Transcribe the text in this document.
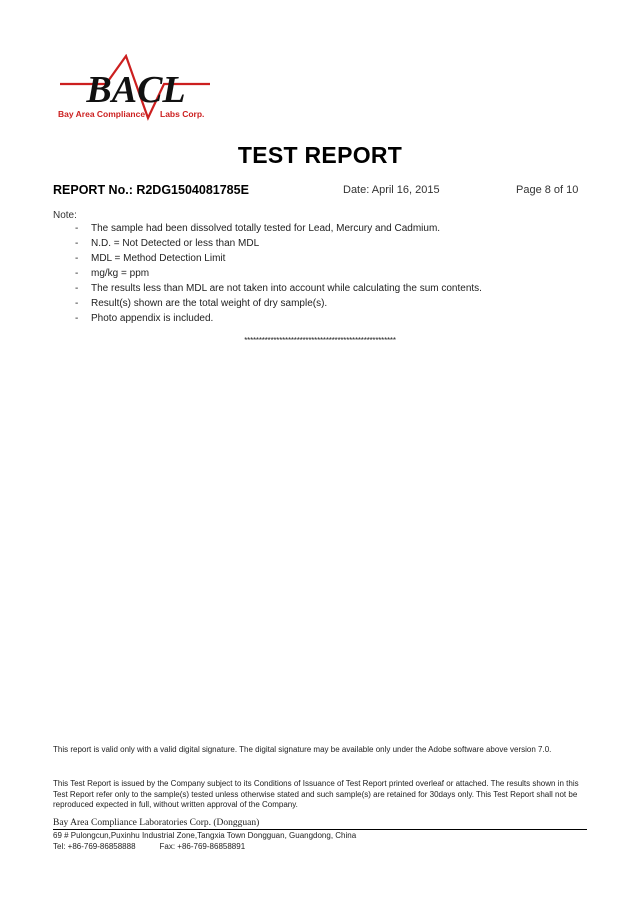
BACL
Bay Area Compliance Labs Corp.
TEST REPORT
REPORT No.: R2DG1504081785E	Date: April 16, 2015	Page 8 of 10
Note:
- The sample had been dissolved totally tested for Lead, Mercury and Cadmium.
- N.D. = Not Detected or less than MDL
- MDL = Method Detection Limit
- mg/kg = ppm
- The results less than MDL are not taken into account while calculating the sum contents.
- Result(s) shown are the total weight of dry sample(s).
- Photo appendix is included.
****************************************************
This report is valid only with a valid digital signature. The digital signature may be available only under the Adobe software above version 7.0.
This Test Report is issued by the Company subject to its Conditions of Issuance of Test Report printed overleaf or attached. The results shown in this Test Report refer only to the sample(s) tested unless otherwise stated and such sample(s) are retained for 30days only. This Test Report shall not be reproduced expected in full, without written approval of the Company.
Bay Area Compliance Laboratories Corp. (Dongguan)
69 # Pulongcun,Puxinhu Industrial Zone,Tangxia Town Dongguan, Guangdong, China
Tel: +86-769-86858888	Fax: +86-769-86858891
